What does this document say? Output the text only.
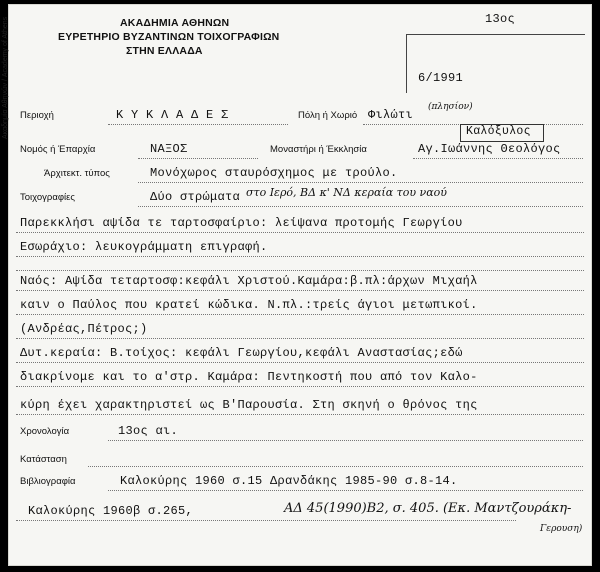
ΑΚΑΔΗΜΙΑ ΑΘΗΝΩΝ
ΕΥΡΕΤΗΡΙΟ ΒΥΖΑΝΤΙΝΩΝ ΤΟΙΧΟΓΡΑΦΙΩΝ
ΣΤΗΝ ΕΛΛΑΔΑ
Ακαδημία Αθηνών / Academy of Athens	13ος
6/1991
Περιοχή	Κ Υ Κ Λ Α Δ Ε Σ	Πόλη ή Χωριό Φιλώτι
(πλησίον)
Καλόξυλος
Νομός ή Έπαρχία	ΝΑΞΟΣ	Μοναστήρι ή Έκκλησία	Αγ.Ιωάννης Θεολόγος
Άρχιτεκτ. τύπος	Μονόχωρος σταυρόσχημος με τρούλο.
Τοιχογραφίες	Δύο στρώματα στο Ιερό, ΒΔ κ' ΝΔ κεραία του ναού
Παρεκκλήσι αψίδα τε ταρτοσφαίριο: λείψανα προτομής Γεωργίου
Εσωράχιο: λευκογράμματη επιγραφή.
Ναός: Αψίδα τεταρτοσφ:κεφάλι Χριστού.Καμάρα:β.πλ:άρχων Μιχαήλ
καιν ο Παύλος που κρατεί κώδικα. Ν.πλ.:τρείς άγιοι μετωπικοί.
(Ανδρέας,Πέτρος;)
Δυτ.κεραία: Β.τοίχος: κεφάλι Γεωργίου,κεφάλι Αναστασίας;εδώ
διακρίνομε και το α'στρ. Καμάρα: Πεντηκοστή που από τον Καλο-
κύρη έχει χαρακτηριστεί ως Β'Παρουσία. Στη σκηνή ο θρόνος της
Χρονολογία	13ος αι.
Κατάσταση
Βιβλιογραφία	Καλοκύρης 1960 σ.15 Δρανδάκης 1985-90 σ.8-14.
Καλοκύρης 1960β σ.265,	ΑΔ 45(1990)Β2, σ. 405. (Εκ. Μαντζουράκη-
Γερουση)
